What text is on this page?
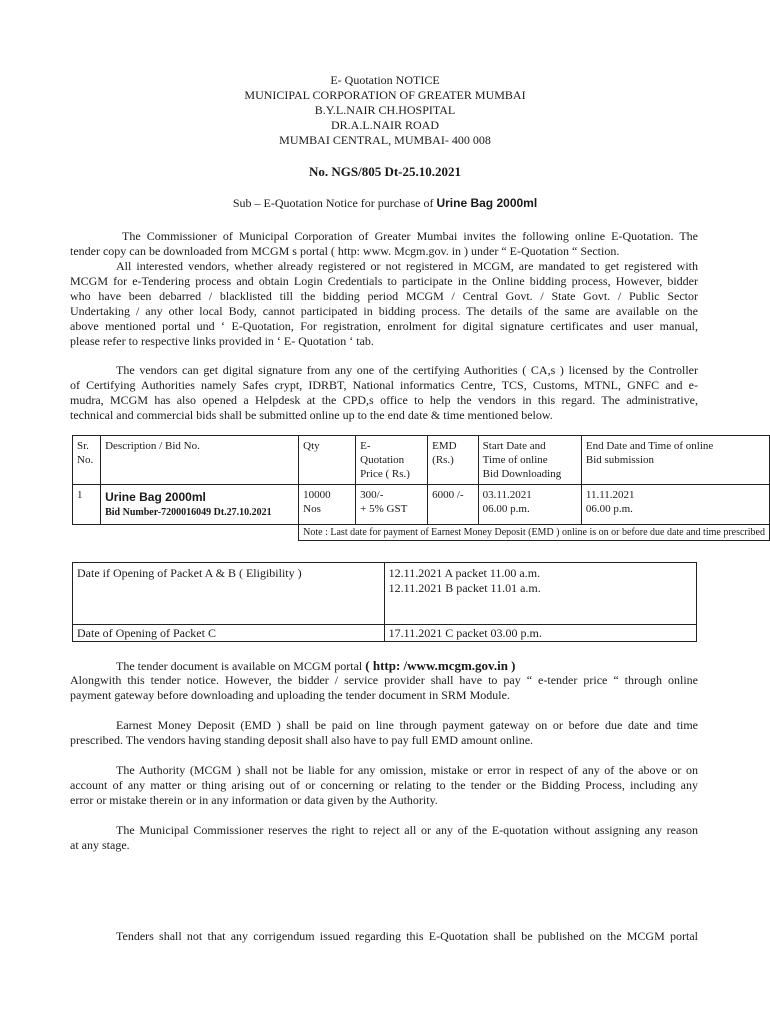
E- Quotation NOTICE
MUNICIPAL CORPORATION OF GREATER MUMBAI
B.Y.L.NAIR CH.HOSPITAL
DR.A.L.NAIR ROAD
MUMBAI CENTRAL, MUMBAI- 400 008
No. NGS/805 Dt-25.10.2021
Sub – E-Quotation Notice for purchase of Urine Bag 2000ml
The Commissioner of Municipal Corporation of Greater Mumbai invites the following online E-Quotation. The
tender copy can be downloaded from MCGM s portal ( http: www. Mcgm.gov. in ) under “ E-Quotation “ Section.
All interested vendors, whether already registered or not registered in MCGM, are mandated to get registered with
MCGM for e-Tendering process and obtain Login Credentials to participate in the Online bidding process, However, bidder
who have been debarred / blacklisted till the bidding period MCGM / Central Govt. / State Govt. / Public Sector
Undertaking / any other local Body, cannot participated in bidding process. The details of the same are available on the
above mentioned portal und ‘ E-Quotation, For registration, enrolment for digital signature certificates and user manual,
please refer to respective links provided in ‘ E- Quotation ‘ tab.
The vendors can get digital signature from any one of the certifying Authorities ( CA,s ) licensed by the Controller
of Certifying Authorities namely Safes crypt, IDRBT, National informatics Centre, TCS, Customs, MTNL, GNFC and e-
mudra, MCGM has also opened a Helpdesk at the CPD,s office to help the vendors in this regard. The administrative,
technical and commercial bids shall be submitted online up to the end date & time mentioned below.
Sr.
No.	Description / Bid No.	Qty	E-
Quotation
Price ( Rs.)	EMD
(Rs.)	Start Date and
Time of online
Bid Downloading	End Date and Time of online
Bid submission
1	Urine Bag 2000ml
Bid Number-7200016049 Dt.27.10.2021	10000
Nos	300/-
+ 5% GST	6000 /-	03.11.2021
06.00 p.m.	11.11.2021
06.00 p.m.
		Note : Last date for payment of Earnest Money Deposit (EMD ) online is on or before due date and time prescribed				
Date if Opening of Packet A & B ( Eligibility )	12.11.2021 A packet 11.00 a.m.
12.11.2021 B packet 11.01 a.m.
Date of Opening of Packet C	17.11.2021 C packet 03.00 p.m.
The tender document is available on MCGM portal ( http: /www.mcgm.gov.in )
Alongwith this tender notice. However, the bidder / service provider shall have to pay “ e-tender price “ through online
payment gateway before downloading and uploading the tender document in SRM Module.
Earnest Money Deposit (EMD ) shall be paid on line through payment gateway on or before due date and time
prescribed. The vendors having standing deposit shall also have to pay full EMD amount online.
The Authority (MCGM ) shall not be liable for any omission, mistake or error in respect of any of the above or on
account of any matter or thing arising out of or concerning or relating to the tender or the Bidding Process, including any
error or mistake therein or in any information or data given by the Authority.
The Municipal Commissioner reserves the right to reject all or any of the E-quotation without assigning any reason
at any stage.
Tenders shall not that any corrigendum issued regarding this E-Quotation shall be published on the MCGM portal
